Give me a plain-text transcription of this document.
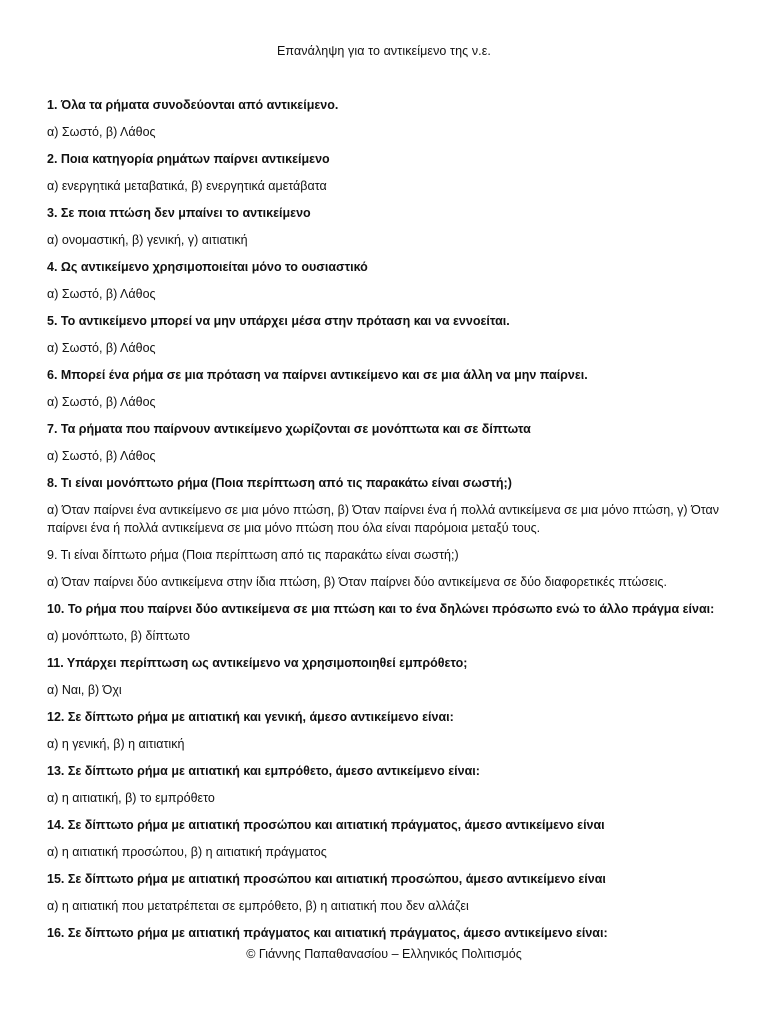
Επανάληψη για το αντικείμενο της ν.ε.
1. Όλα τα ρήματα συνοδεύονται από αντικείμενο.
α) Σωστό, β) Λάθος
2. Ποια κατηγορία ρημάτων παίρνει αντικείμενο
α) ενεργητικά μεταβατικά, β) ενεργητικά αμετάβατα
3. Σε ποια πτώση δεν μπαίνει το αντικείμενο
α) ονομαστική, β) γενική, γ) αιτιατική
4. Ως αντικείμενο χρησιμοποιείται μόνο το ουσιαστικό
α) Σωστό, β) Λάθος
5. Το αντικείμενο μπορεί να μην υπάρχει μέσα στην πρόταση και να εννοείται.
α) Σωστό, β) Λάθος
6. Μπορεί ένα ρήμα σε μια πρόταση να παίρνει αντικείμενο και σε μια άλλη να μην παίρνει.
α) Σωστό, β) Λάθος
7. Τα ρήματα που παίρνουν αντικείμενο χωρίζονται σε μονόπτωτα και σε δίπτωτα
α) Σωστό, β) Λάθος
8. Τι είναι μονόπτωτο ρήμα (Ποια περίπτωση από τις παρακάτω είναι σωστή;)
α) Όταν παίρνει ένα αντικείμενο σε μια μόνο πτώση, β) Όταν παίρνει ένα ή πολλά αντικείμενα σε μια μόνο πτώση, γ) Όταν παίρνει ένα ή πολλά αντικείμενα σε μια μόνο πτώση που όλα είναι παρόμοια μεταξύ τους.
9. Τι είναι δίπτωτο ρήμα (Ποια περίπτωση από τις παρακάτω είναι σωστή;)
α) Όταν παίρνει δύο αντικείμενα στην ίδια πτώση, β) Όταν παίρνει δύο αντικείμενα σε δύο διαφορετικές πτώσεις.
10. Το ρήμα που παίρνει δύο αντικείμενα σε μια πτώση και το ένα δηλώνει πρόσωπο ενώ το άλλο πράγμα είναι:
α) μονόπτωτο, β) δίπτωτο
11. Υπάρχει περίπτωση ως αντικείμενο να χρησιμοποιηθεί εμπρόθετο;
α) Ναι, β) Όχι
12. Σε δίπτωτο ρήμα με αιτιατική και γενική, άμεσο αντικείμενο είναι:
α) η γενική, β) η αιτιατική
13. Σε δίπτωτο ρήμα με αιτιατική και εμπρόθετο, άμεσο αντικείμενο είναι:
α) η αιτιατική, β) το εμπρόθετο
14. Σε δίπτωτο ρήμα με αιτιατική προσώπου και αιτιατική πράγματος, άμεσο αντικείμενο είναι
α) η αιτιατική προσώπου, β) η αιτιατική πράγματος
15. Σε δίπτωτο ρήμα με αιτιατική προσώπου και αιτιατική προσώπου, άμεσο αντικείμενο είναι
α) η αιτιατική που μετατρέπεται σε εμπρόθετο, β) η αιτιατική που δεν αλλάζει
16. Σε δίπτωτο ρήμα με αιτιατική πράγματος και αιτιατική πράγματος, άμεσο αντικείμενο είναι:
© Γιάννης Παπαθανασίου – Ελληνικός Πολιτισμός
